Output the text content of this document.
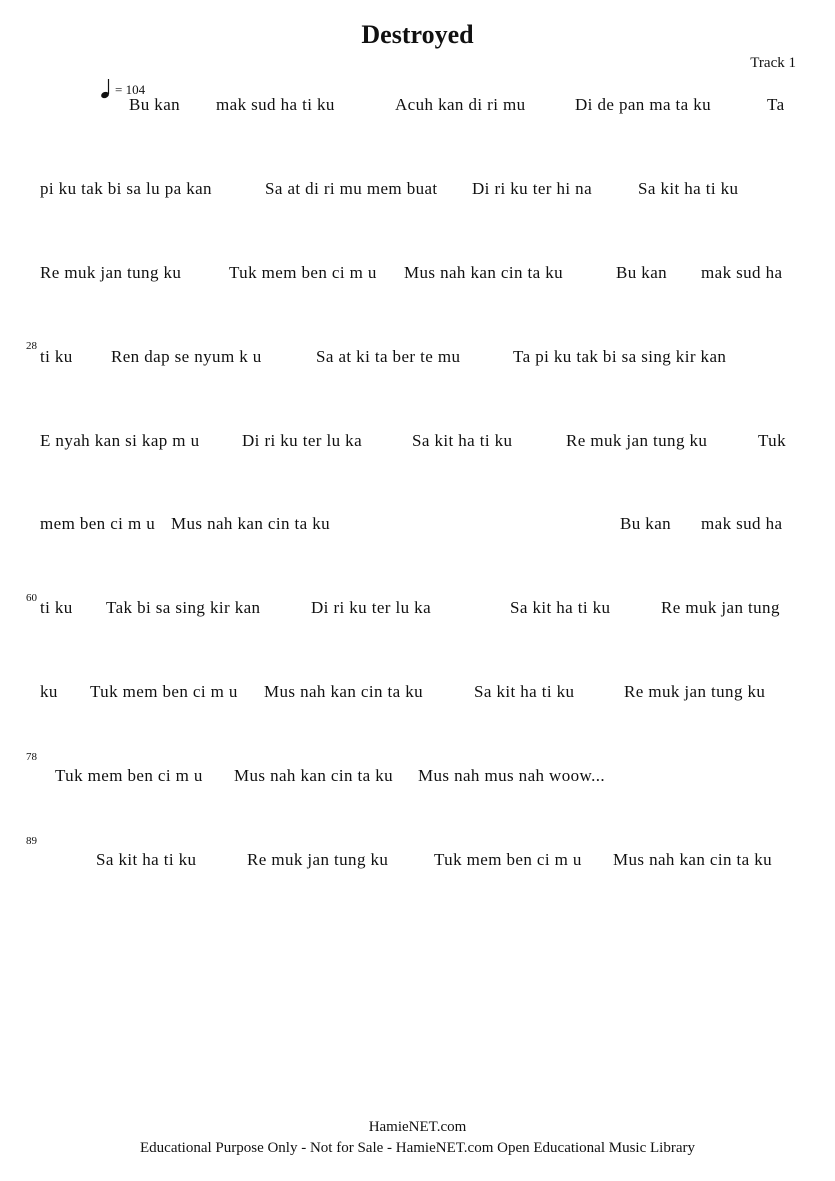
Destroyed
Track 1
= 104
Bu kan mak sud ha ti ku	Acuh kan di ri mu	Di de pan ma ta ku	Ta
pi ku tak bi sa lu pa kan	Sa at di ri mu mem buat Di ri ku ter hi na	Sa kit ha ti ku
Re muk jan tung ku	Tuk mem ben ci m u Mus nah kan cin ta ku	Bu kan mak sud ha
28
ti ku Ren dap se nyum k u	Sa at ki ta ber te mu	Ta pi ku tak bi sa sing kir kan
E nyah kan si kap m u	Di ri ku ter lu ka	Sa kit ha ti ku	Re muk jan tung ku	Tuk
mem ben ci m u Mus nah kan cin ta ku	Bu kan mak sud ha
60 ti ku Tak bi sa sing kir kan	Di ri ku ter lu ka	Sa kit ha ti ku	Re muk jan tung
ku Tuk mem ben ci m u Mus nah kan cin ta ku	Sa kit ha ti ku	Re muk jan tung ku
78
Tuk mem ben ci m u Mus nah kan cin ta ku Mus nah mus nah woow...
89
Sa kit ha ti ku	Re muk jan tung ku	Tuk mem ben ci m u Mus nah kan cin ta ku
HamieNET.com
Educational Purpose Only - Not for Sale - HamieNET.com Open Educational Music Library
